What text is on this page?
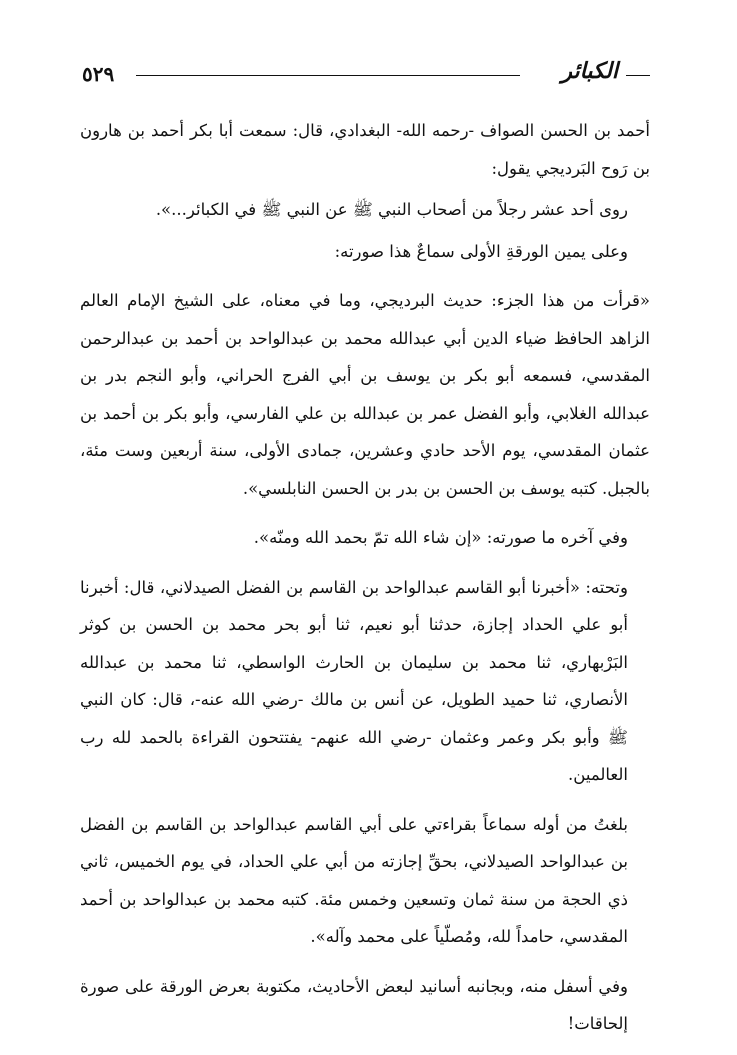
٥٢٩	الكبائر

أحمد بن الحسن الصواف -رحمه الله- البغدادي، قال: سمعت أبا بكر أحمد بن هارون بن رَوح البَرديجي يقول:

روى أحد عشر رجلاً من أصحاب النبي ﷺ عن النبي ﷺ في الكبائر...».

وعلى يمين الورقةِ الأولى سماعٌ هذا صورته:

«قرأت من هذا الجزء: حديث البرديجي، وما في معناه، على الشيخ الإمام العالم الزاهد الحافظ ضياء الدين أبي عبدالله محمد بن عبدالواحد بن أحمد بن عبدالرحمن المقدسي، فسمعه أبو بكر بن يوسف بن أبي الفرج الحراني، وأبو النجم بدر بن عبدالله الغلابي، وأبو الفضل عمر بن عبدالله بن علي الفارسي، وأبو بكر بن أحمد بن عثمان المقدسي، يوم الأحد حادي وعشرين، جمادى الأولى، سنة أربعين وست مئة، بالجبل. كتبه يوسف بن الحسن بن بدر بن الحسن النابلسي».

وفي آخره ما صورته: «إن شاء الله تمّ بحمد الله ومنّه».

وتحته: «أخبرنا أبو القاسم عبدالواحد بن القاسم بن الفضل الصيدلاني، قال: أخبرنا أبو علي الحداد إجازة، حدثنا أبو نعيم، ثنا أبو بحر محمد بن الحسن بن كوثر البَرْبهاري، ثنا محمد بن سليمان بن الحارث الواسطي، ثنا محمد بن عبدالله الأنصاري، ثنا حميد الطويل، عن أنس بن مالك -رضي الله عنه-، قال: كان النبي ﷺ وأبو بكر وعمر وعثمان -رضي الله عنهم- يفتتحون القراءة بالحمد لله رب العالمين.

بلغتُ من أوله سماعاً بقراءتي على أبي القاسم عبدالواحد بن القاسم بن الفضل بن عبدالواحد الصيدلاني، بحقِّ إجازته من أبي علي الحداد، في يوم الخميس، ثاني ذي الحجة من سنة ثمان وتسعين وخمس مئة. كتبه محمد بن عبدالواحد بن أحمد المقدسي، حامداً لله، ومُصلّياً على محمد وآله».

وفي أسفل منه، وبجانبه أسانيد لبعض الأحاديث، مكتوبة بعرض الورقة على صورة إلحاقات!
